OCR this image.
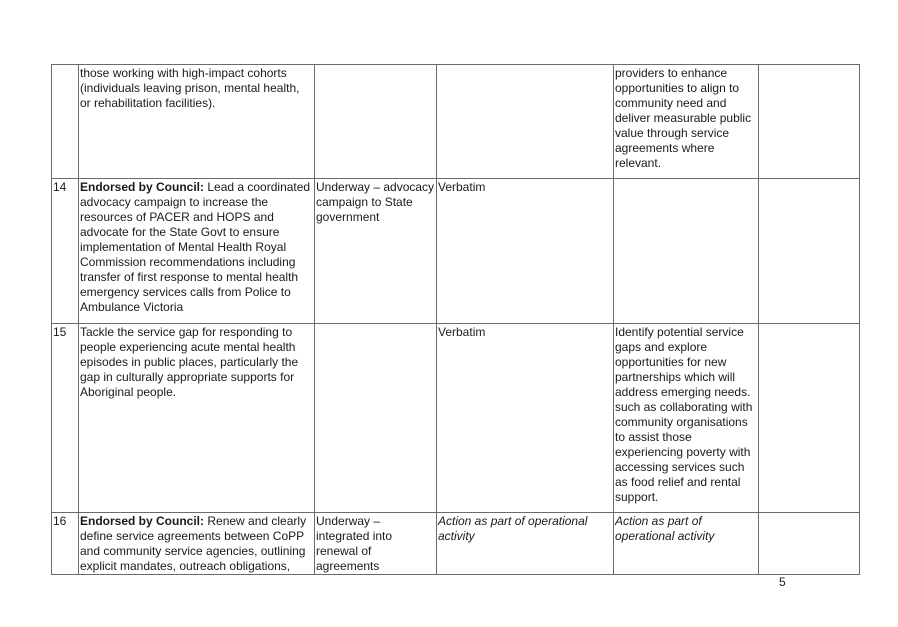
	those working with high-impact cohorts (individuals leaving prison, mental health, or rehabilitation facilities).			providers to enhance opportunities to align to community need and deliver measurable public value through service agreements where relevant.	
14	Endorsed by Council: Lead a coordinated advocacy campaign to increase the resources of PACER and HOPS and advocate for the State Govt to ensure implementation of Mental Health Royal Commission recommendations including transfer of first response to mental health emergency services calls from Police to Ambulance Victoria	Underway – advocacy campaign to State government	Verbatim		
15	Tackle the service gap for responding to people experiencing acute mental health episodes in public places, particularly the gap in culturally appropriate supports for Aboriginal people.		Verbatim	Identify potential service gaps and explore opportunities for new partnerships which will address emerging needs. such as collaborating with community organisations to assist those experiencing poverty with accessing services such as food relief and rental support.	
16	Endorsed by Council: Renew and clearly define service agreements between CoPP and community service agencies, outlining explicit mandates, outreach obligations,	Underway – integrated into renewal of agreements	Action as part of operational activity	Action as part of operational activity	
5
